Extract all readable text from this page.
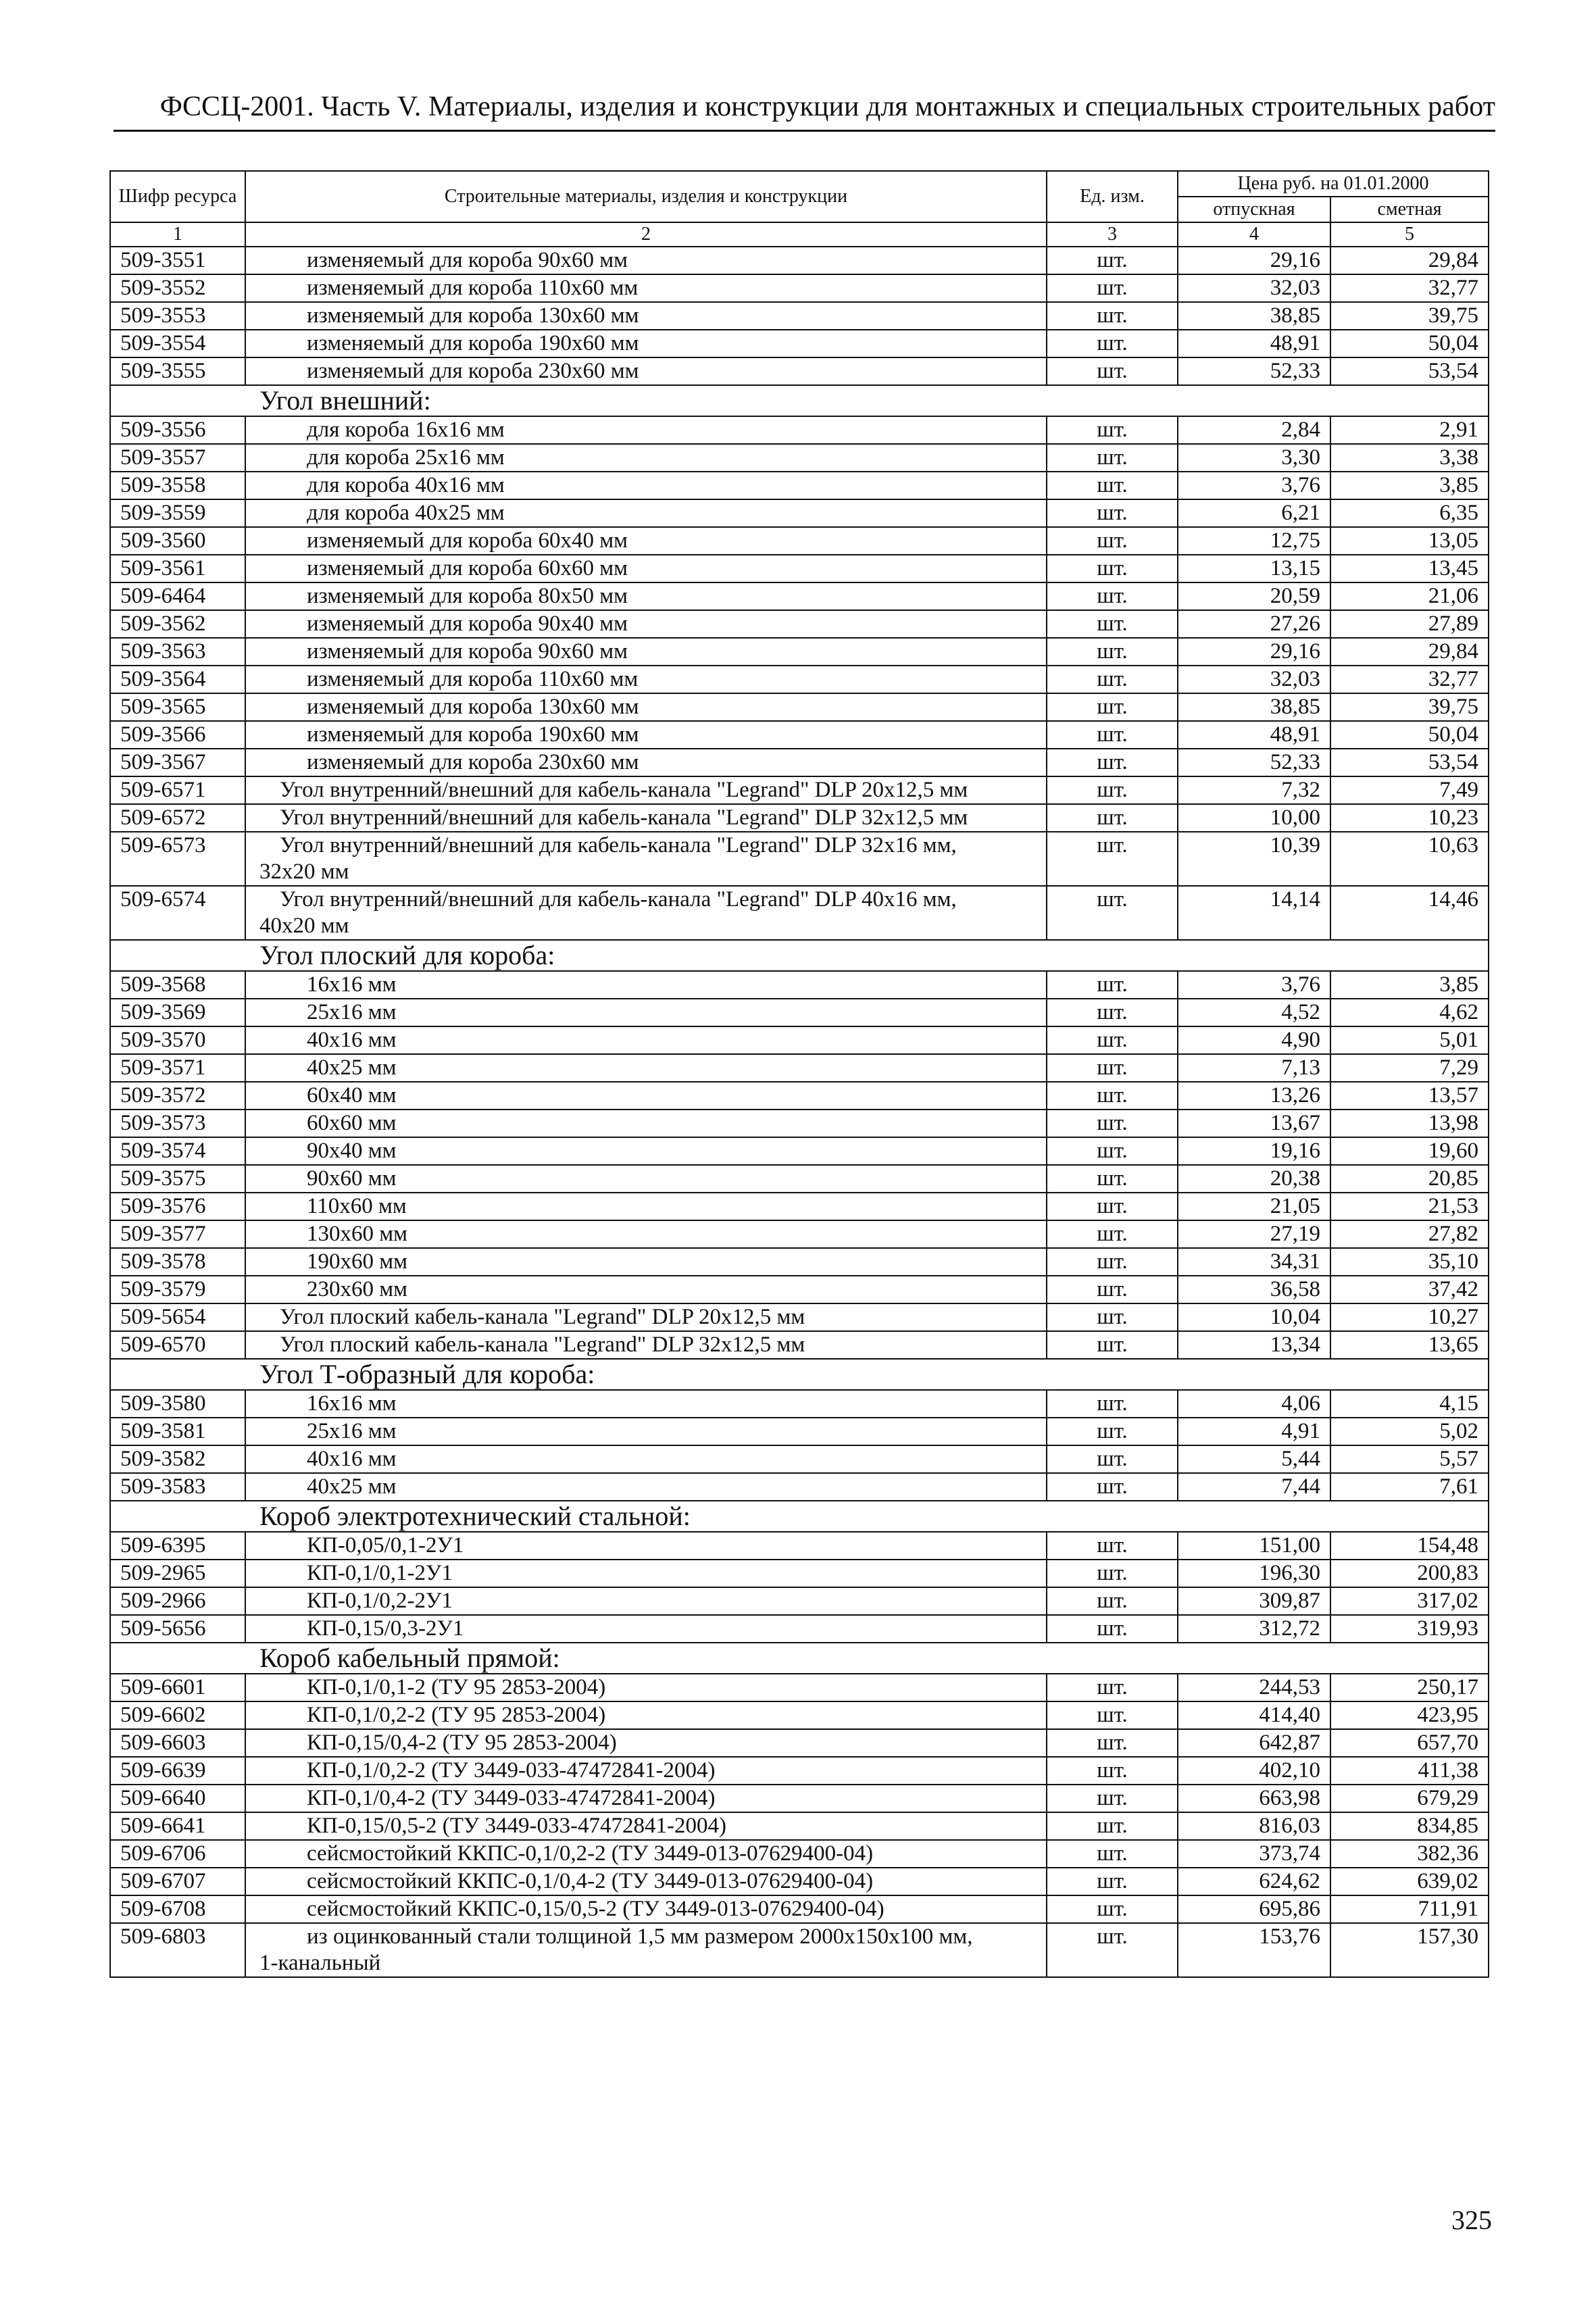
ФССЦ-2001. Часть V. Материалы, изделия и конструкции для монтажных и специальных строительных работ
Шифр ресурса	Строительные материалы, изделия и конструкции	Ед. изм.	Цена руб. на 01.01.2000	
			отпускная	сметная
1	2	3	4	5
509-3551	изменяемый для короба 90х60 мм	шт.	29,16	29,84
509-3552	изменяемый для короба 110х60 мм	шт.	32,03	32,77
509-3553	изменяемый для короба 130х60 мм	шт.	38,85	39,75
509-3554	изменяемый для короба 190х60 мм	шт.	48,91	50,04
509-3555	изменяемый для короба 230х60 мм	шт.	52,33	53,54
Угол внешний:				
509-3556	для короба 16х16 мм	шт.	2,84	2,91
509-3557	для короба 25х16 мм	шт.	3,30	3,38
509-3558	для короба 40х16 мм	шт.	3,76	3,85
509-3559	для короба 40х25 мм	шт.	6,21	6,35
509-3560	изменяемый для короба 60х40 мм	шт.	12,75	13,05
509-3561	изменяемый для короба 60х60 мм	шт.	13,15	13,45
509-6464	изменяемый для короба 80х50 мм	шт.	20,59	21,06
509-3562	изменяемый для короба 90х40 мм	шт.	27,26	27,89
509-3563	изменяемый для короба 90х60 мм	шт.	29,16	29,84
509-3564	изменяемый для короба 110х60 мм	шт.	32,03	32,77
509-3565	изменяемый для короба 130х60 мм	шт.	38,85	39,75
509-3566	изменяемый для короба 190х60 мм	шт.	48,91	50,04
509-3567	изменяемый для короба 230х60 мм	шт.	52,33	53,54
509-6571	Угол внутренний/внешний для кабель-канала "Legrand" DLP 20х12,5 мм	шт.	7,32	7,49
509-6572	Угол внутренний/внешний для кабель-канала "Legrand" DLP 32х12,5 мм	шт.	10,00	10,23
509-6573	Угол внутренний/внешний для кабель-канала "Legrand" DLP 32х16 мм,
32х20 мм	шт.	10,39	10,63
509-6574	Угол внутренний/внешний для кабель-канала "Legrand" DLP 40х16 мм,
40х20 мм	шт.	14,14	14,46
Угол плоский для короба:				
509-3568	16х16 мм	шт.	3,76	3,85
509-3569	25х16 мм	шт.	4,52	4,62
509-3570	40х16 мм	шт.	4,90	5,01
509-3571	40х25 мм	шт.	7,13	7,29
509-3572	60х40 мм	шт.	13,26	13,57
509-3573	60х60 мм	шт.	13,67	13,98
509-3574	90х40 мм	шт.	19,16	19,60
509-3575	90х60 мм	шт.	20,38	20,85
509-3576	110х60 мм	шт.	21,05	21,53
509-3577	130х60 мм	шт.	27,19	27,82
509-3578	190х60 мм	шт.	34,31	35,10
509-3579	230х60 мм	шт.	36,58	37,42
509-5654	Угол плоский кабель-канала "Legrand" DLP 20х12,5 мм	шт.	10,04	10,27
509-6570	Угол плоский кабель-канала "Legrand" DLP 32х12,5 мм	шт.	13,34	13,65
Угол Т-образный для короба:				
509-3580	16х16 мм	шт.	4,06	4,15
509-3581	25х16 мм	шт.	4,91	5,02
509-3582	40х16 мм	шт.	5,44	5,57
509-3583	40х25 мм	шт.	7,44	7,61
Короб электротехнический стальной:				
509-6395	КП-0,05/0,1-2У1	шт.	151,00	154,48
509-2965	КП-0,1/0,1-2У1	шт.	196,30	200,83
509-2966	КП-0,1/0,2-2У1	шт.	309,87	317,02
509-5656	КП-0,15/0,3-2У1	шт.	312,72	319,93
Короб кабельный прямой:				
509-6601	КП-0,1/0,1-2 (ТУ 95 2853-2004)	шт.	244,53	250,17
509-6602	КП-0,1/0,2-2 (ТУ 95 2853-2004)	шт.	414,40	423,95
509-6603	КП-0,15/0,4-2 (ТУ 95 2853-2004)	шт.	642,87	657,70
509-6639	КП-0,1/0,2-2 (ТУ 3449-033-47472841-2004)	шт.	402,10	411,38
509-6640	КП-0,1/0,4-2 (ТУ 3449-033-47472841-2004)	шт.	663,98	679,29
509-6641	КП-0,15/0,5-2 (ТУ 3449-033-47472841-2004)	шт.	816,03	834,85
509-6706	сейсмостойкий ККПС-0,1/0,2-2 (ТУ 3449-013-07629400-04)	шт.	373,74	382,36
509-6707	сейсмостойкий ККПС-0,1/0,4-2 (ТУ 3449-013-07629400-04)	шт.	624,62	639,02
509-6708	сейсмостойкий ККПС-0,15/0,5-2 (ТУ 3449-013-07629400-04)	шт.	695,86	711,91
509-6803	из оцинкованный стали толщиной 1,5 мм размером 2000х150х100 мм,
1-канальный	шт.	153,76	157,30
325
